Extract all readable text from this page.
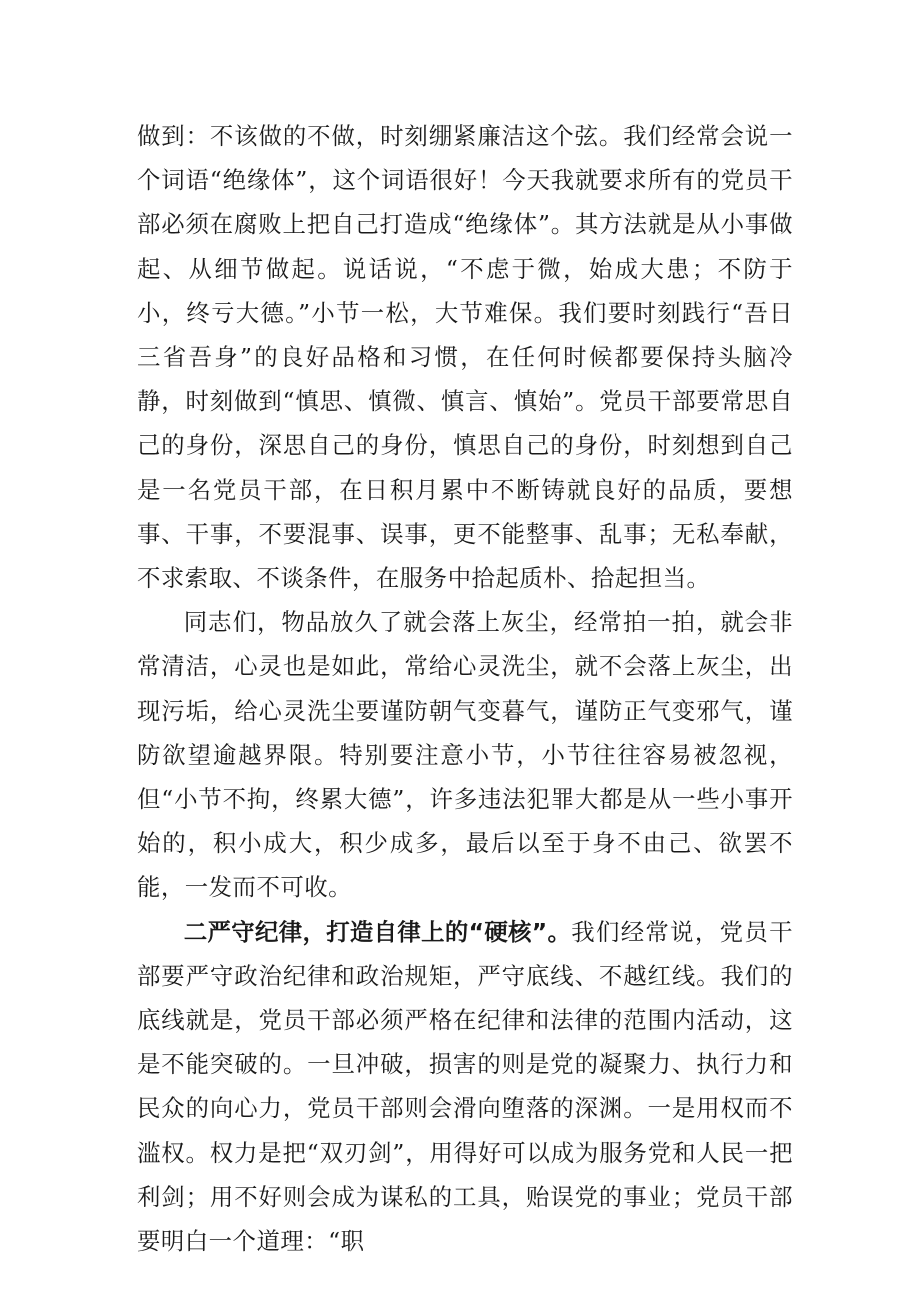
做到：不该做的不做，时刻绷紧廉洁这个弦。我们经常会说一个词语“绝缘体”，这个词语很好！今天我就要求所有的党员干部必须在腐败上把自己打造成“绝缘体”。其方法就是从小事做起、从细节做起。说话说，“不虑于微，始成大患；不防于小，终亏大德。”小节一松，大节难保。我们要时刻践行“吾日三省吾身”的良好品格和习惯，在任何时候都要保持头脑冷静，时刻做到“慎思、慎微、慎言、慎始”。党员干部要常思自己的身份，深思自己的身份，慎思自己的身份，时刻想到自己是一名党员干部，在日积月累中不断铸就良好的品质，要想事、干事，不要混事、误事，更不能整事、乱事；无私奉献，不求索取、不谈条件，在服务中拾起质朴、拾起担当。

同志们，物品放久了就会落上灰尘，经常拍一拍，就会非常清洁，心灵也是如此，常给心灵洗尘，就不会落上灰尘，出现污垢，给心灵洗尘要谨防朝气变暮气，谨防正气变邪气，谨防欲望逾越界限。特别要注意小节，小节往往容易被忽视，但“小节不拘，终累大德”，许多违法犯罪大都是从一些小事开始的，积小成大，积少成多，最后以至于身不由己、欲罢不能，一发而不可收。

二严守纪律，打造自律上的“硬核”。我们经常说，党员干部要严守政治纪律和政治规矩，严守底线、不越红线。我们的底线就是，党员干部必须严格在纪律和法律的范围内活动，这是不能突破的。一旦冲破，损害的则是党的凝聚力、执行力和民众的向心力，党员干部则会滑向堕落的深渊。一是用权而不滥权。权力是把“双刃剑”，用得好可以成为服务党和人民一把利剑；用不好则会成为谋私的工具，贻误党的事业；党员干部要明白一个道理：“职
